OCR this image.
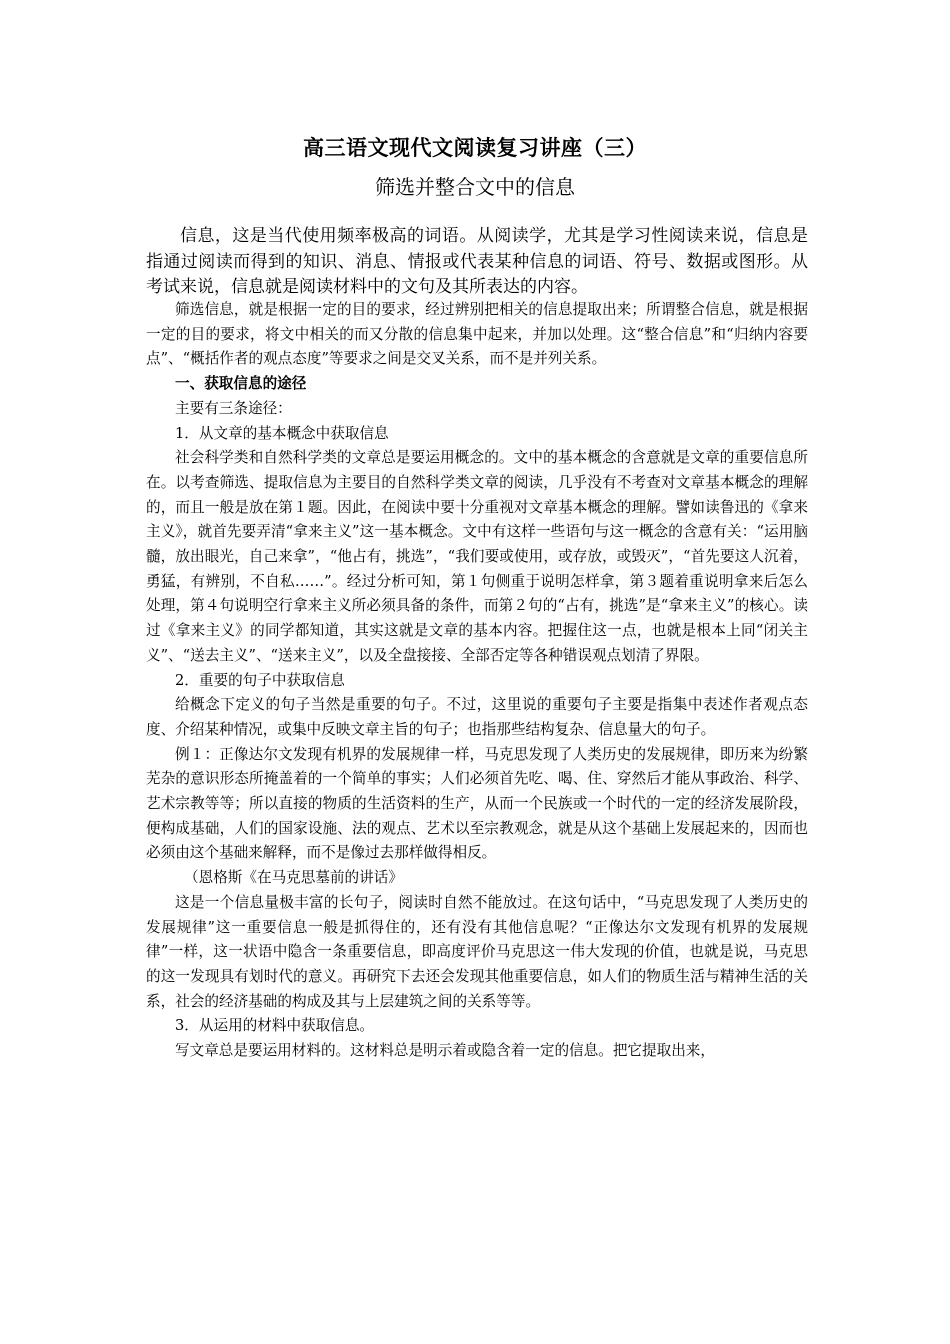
高三语文现代文阅读复习讲座（三）
筛选并整合文中的信息

信息，这是当代使用频率极高的词语。从阅读学，尤其是学习性阅读来说，信息是指通过阅读而得到的知识、消息、情报或代表某种信息的词语、符号、数据或图形。从考试来说，信息就是阅读材料中的文句及其所表达的内容。

筛选信息，就是根据一定的目的要求，经过辨别把相关的信息提取出来；所谓整合信息，就是根据一定的目的要求，将文中相关的而又分散的信息集中起来，并加以处理。这“整合信息”和“归纳内容要点”、“概括作者的观点态度”等要求之间是交叉关系，而不是并列关系。

一、获取信息的途径

主要有三条途径：

1．从文章的基本概念中获取信息

社会科学类和自然科学类的文章总是要运用概念的。文中的基本概念的含意就是文章的重要信息所在。以考查筛选、提取信息为主要目的自然科学类文章的阅读，几乎没有不考查对文章基本概念的理解的，而且一般是放在第１题。因此，在阅读中要十分重视对文章基本概念的理解。譬如读鲁迅的《拿来主义》，就首先要弄清“拿来主义”这一基本概念。文中有这样一些语句与这一概念的含意有关：“运用脑髓，放出眼光，自己来拿”，“他占有，挑选”，“我们要或使用，或存放，或毁灭”，“首先要这人沉着，勇猛，有辨别，不自私……”。经过分析可知，第１句侧重于说明怎样拿，第３题着重说明拿来后怎么处理，第４句说明空行拿来主义所必须具备的条件，而第２句的“占有，挑选”是“拿来主义”的核心。读过《拿来主义》的同学都知道，其实这就是文章的基本内容。把握住这一点，也就是根本上同“闭关主义”、“送去主义”、“送来主义”，以及全盘接接、全部否定等各种错误观点划清了界限。

2．重要的句子中获取信息

给概念下定义的句子当然是重要的句子。不过，这里说的重要句子主要是指集中表述作者观点态度、介绍某种情况，或集中反映文章主旨的句子；也指那些结构复杂、信息量大的句子。

例１：正像达尔文发现有机界的发展规律一样，马克思发现了人类历史的发展规律，即历来为纷繁芜杂的意识形态所掩盖着的一个简单的事实；人们必须首先吃、喝、住、穿然后才能从事政治、科学、艺术宗教等等；所以直接的物质的生活资料的生产，从而一个民族或一个时代的一定的经济发展阶段，便构成基础，人们的国家设施、法的观点、艺术以至宗教观念，就是从这个基础上发展起来的，因而也必须由这个基础来解释，而不是像过去那样做得相反。

（恩格斯《在马克思墓前的讲话》

这是一个信息量极丰富的长句子，阅读时自然不能放过。在这句话中，“马克思发现了人类历史的发展规律”这一重要信息一般是抓得住的，还有没有其他信息呢？“正像达尔文发现有机界的发展规律”一样，这一状语中隐含一条重要信息，即高度评价马克思这一伟大发现的价值，也就是说，马克思的这一发现具有划时代的意义。再研究下去还会发现其他重要信息，如人们的物质生活与精神生活的关系，社会的经济基础的构成及其与上层建筑之间的关系等等。

3．从运用的材料中获取信息。

写文章总是要运用材料的。这材料总是明示着或隐含着一定的信息。把它提取出来，
